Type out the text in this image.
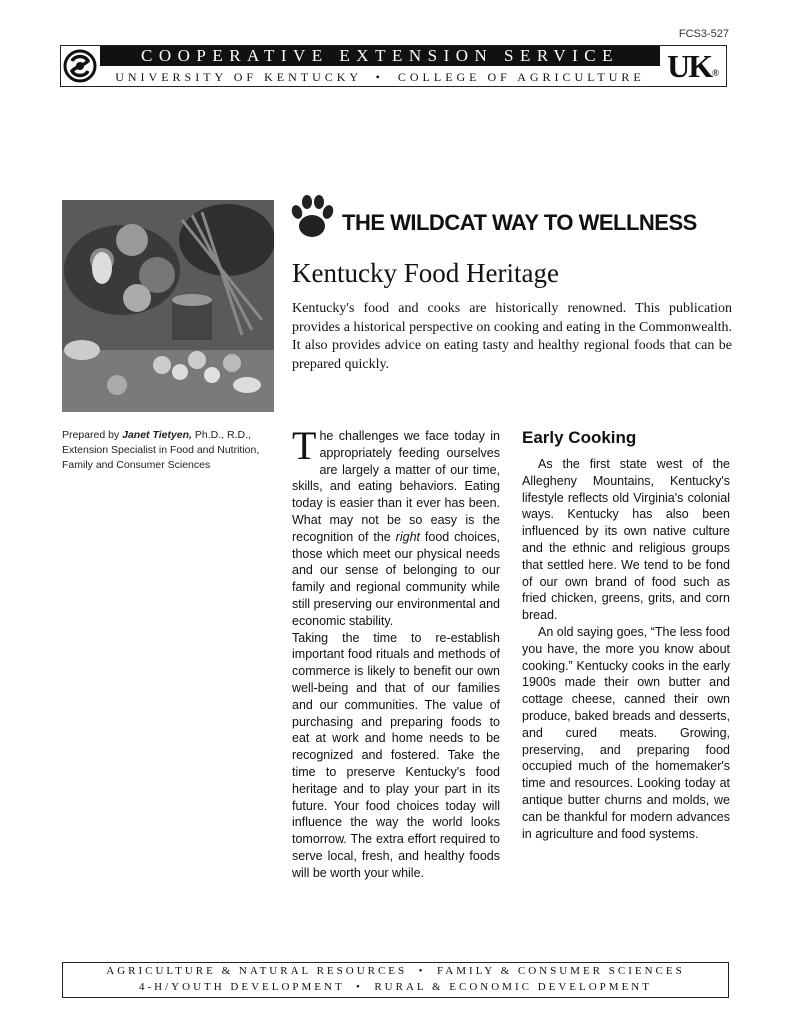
FCS3-527
COOPERATIVE EXTENSION SERVICE
UNIVERSITY OF KENTUCKY  •  COLLEGE OF AGRICULTURE UK ®
THE WILDCAT WAY TO WELLNESS
Kentucky Food Heritage
Kentucky's food and cooks are historically renowned. This publication provides a historical perspective on cooking and eating in the Commonwealth. It also provides advice on eating tasty and healthy regional foods that can be prepared quickly.
Prepared by Janet Tietyen, Ph.D., R.D., Extension Specialist in Food and Nutrition, Family and Consumer Sciences	The challenges we face today in appropriately feeding ourselves are largely a matter of our time, skills, and eating behaviors. Eating today is easier than it ever has been. What may not be so easy is the recognition of the right food choices, those which meet our physical needs and our sense of belonging to our family and regional community while still preserving our environmental and economic stability.

Taking the time to re-establish important food rituals and methods of commerce is likely to benefit our own well-being and that of our families and our communities. The value of purchasing and preparing foods to eat at work and home needs to be recognized and fostered. Take the time to preserve Kentucky's food heritage and to play your part in its future. Your food choices today will influence the way the world looks tomorrow. The extra effort required to serve local, fresh, and healthy foods will be worth your while.

Early Cooking

As the first state west of the Allegheny Mountains, Kentucky's lifestyle reflects old Virginia's colonial ways. Kentucky has also been influenced by its own native culture and the ethnic and religious groups that settled here. We tend to be fond of our own brand of food such as fried chicken, greens, grits, and corn bread.

An old saying goes, “The less food you have, the more you know about cooking.” Kentucky cooks in the early 1900s made their own butter and cottage cheese, canned their own produce, baked breads and desserts, and cured meats. Growing, preserving, and preparing food occupied much of the homemaker's time and resources. Looking today at antique butter churns and molds, we can be thankful for modern advances in agriculture and food systems.

AGRICULTURE & NATURAL RESOURCES  •  FAMILY & CONSUMER SCIENCES
4-H/YOUTH DEVELOPMENT  •  RURAL & ECONOMIC DEVELOPMENT
